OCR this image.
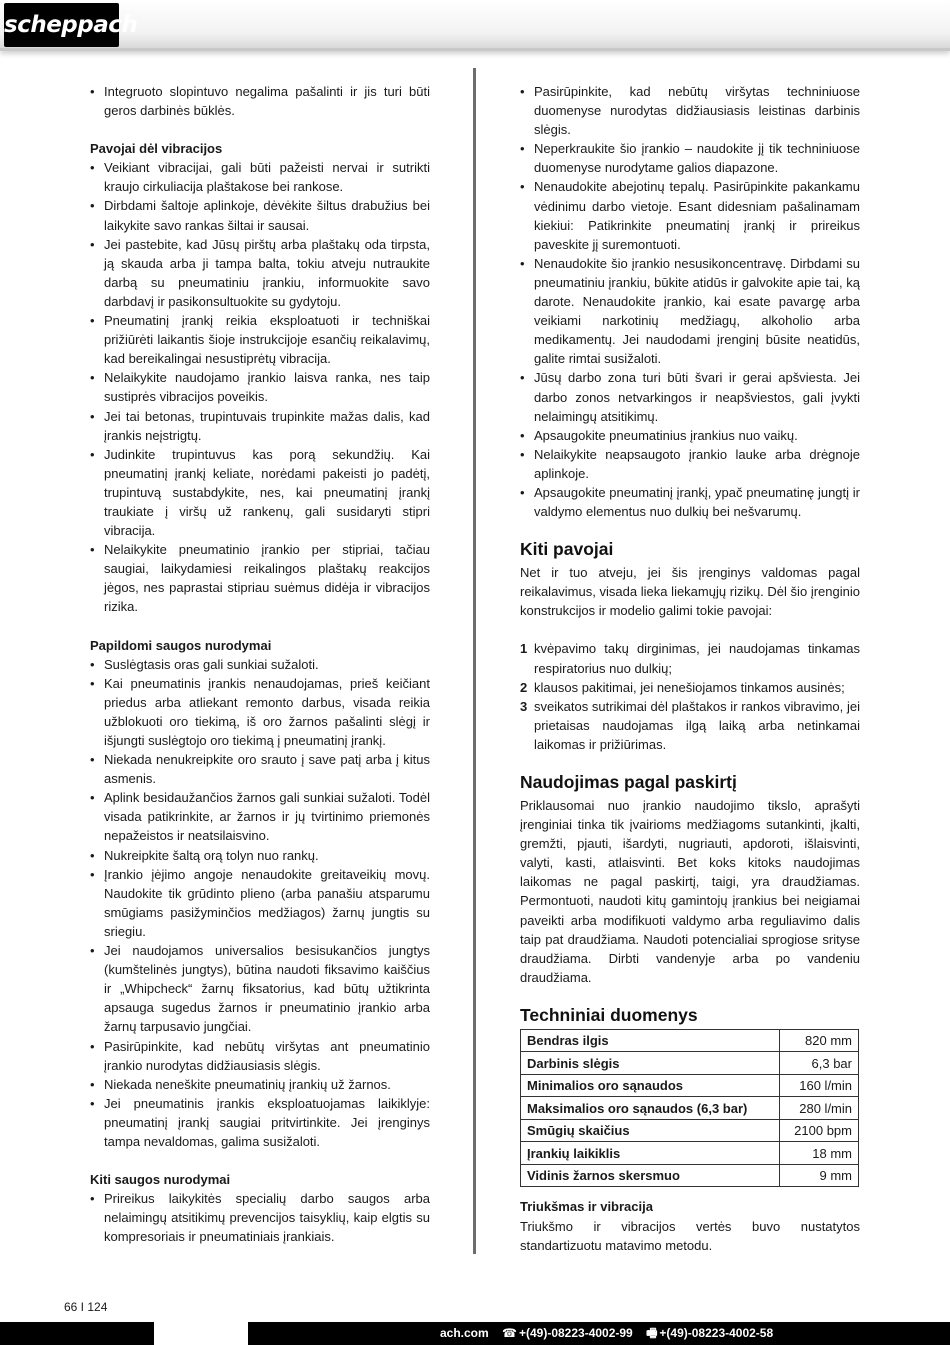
scheppach
• Integruoto slopintuvo negalima pašalinti ir jis turi būti geros darbinės būklės.

Pavojai dėl vibracijos

• Veikiant vibracijai, gali būti pažeisti nervai ir sutrikti kraujo cirkuliacija plaštakose bei rankose.
• Dirbdami šaltoje aplinkoje, dėvėkite šiltus drabužius bei laikykite savo rankas šiltai ir sausai.
• Jei pastebite, kad Jūsų pirštų arba plaštakų oda tirpsta, ją skauda arba ji tampa balta, tokiu atveju nutraukite darbą su pneumatiniu įrankiu, informuokite savo darbdavį ir pasikonsultuokite su gydytoju.
• Pneumatinį įrankį reikia eksploatuoti ir techniškai prižiūrėti laikantis šioje instrukcijoje esančių reikalavimų, kad bereikalingai nesustiprėtų vibracija.
• Nelaikykite naudojamo įrankio laisva ranka, nes taip sustiprės vibracijos poveikis.
• Jei tai betonas, trupintuvais trupinkite mažas dalis, kad įrankis neįstrigtų.
• Judinkite trupintuvus kas porą sekundžių. Kai pneumatinį įrankį keliate, norėdami pakeisti jo padėtį, trupintuvą sustabdykite, nes, kai pneumatinį įrankį traukiate į viršų už rankenų, gali susidaryti stipri vibracija.
• Nelaikykite pneumatinio įrankio per stipriai, tačiau saugiai, laikydamiesi reikalingos plaštakų reakcijos jėgos, nes paprastai stipriau suėmus didėja ir vibracijos rizika.

Papildomi saugos nurodymai

• Suslėgtasis oras gali sunkiai sužaloti.
• Kai pneumatinis įrankis nenaudojamas, prieš keičiant priedus arba atliekant remonto darbus, visada reikia užblokuoti oro tiekimą, iš oro žarnos pašalinti slėgį ir išjungti suslėgtojo oro tiekimą į pneumatinį įrankį.
• Niekada nenukreipkite oro srauto į save patį arba į kitus asmenis.
• Aplink besidaužančios žarnos gali sunkiai sužaloti. Todėl visada patikrinkite, ar žarnos ir jų tvirtinimo priemonės nepažeistos ir neatsilaisvino.
• Nukreipkite šaltą orą tolyn nuo rankų.
• Įrankio įėjimo angoje nenaudokite greitaveikių movų. Naudokite tik grūdinto plieno (arba panašiu atsparumu smūgiams pasižyminčios medžiagos) žarnų jungtis su sriegiu.
• Jei naudojamos universalios besisukančios jungtys (kumštelinės jungtys), būtina naudoti fiksavimo kaiščius ir „Whipcheck“ žarnų fiksatorius, kad būtų užtikrinta apsauga sugedus žarnos ir pneumatinio įrankio arba žarnų tarpusavio jungčiai.
• Pasirūpinkite, kad nebūtų viršytas ant pneumatinio įrankio nurodytas didžiausiasis slėgis.
• Niekada neneškite pneumatinių įrankių už žarnos.
• Jei pneumatinis įrankis eksploatuojamas laikiklyje: pneumatinį įrankį saugiai pritvirtinkite. Jei įrenginys tampa nevaldomas, galima susižaloti.

Kiti saugos nurodymai

• Prireikus laikykitės specialių darbo saugos arba nelaimingų atsitikimų prevencijos taisyklių, kaip elgtis su kompresoriais ir pneumatiniais įrankiais.
• Pasirūpinkite, kad nebūtų viršytas techniniuose duomenyse nurodytas didžiausiasis leistinas darbinis slėgis.
• Neperkraukite šio įrankio – naudokite jį tik techniniuose duomenyse nurodytame galios diapazone.
• Nenaudokite abejotinų tepalų. Pasirūpinkite pakankamu vėdinimu darbo vietoje. Esant didesniam pašalinamam kiekiui: Patikrinkite pneumatinį įrankį ir prireikus paveskite jį suremontuoti.
• Nenaudokite šio įrankio nesusikoncentravę. Dirbdami su pneumatiniu įrankiu, būkite atidūs ir galvokite apie tai, ką darote. Nenaudokite įrankio, kai esate pavargę arba veikiami narkotinių medžiagų, alkoholio arba medikamentų. Jei naudodami įrenginį būsite neatidūs, galite rimtai susižaloti.
• Jūsų darbo zona turi būti švari ir gerai apšviesta. Jei darbo zonos netvarkingos ir neapšviestos, gali įvykti nelaimingų atsitikimų.
• Apsaugokite pneumatinius įrankius nuo vaikų.
• Nelaikykite neapsaugoto įrankio lauke arba drėgnoje aplinkoje.
• Apsaugokite pneumatinį įrankį, ypač pneumatinę jungtį ir valdymo elementus nuo dulkių bei nešvarumų.
Kiti pavojai

Net ir tuo atveju, jei šis įrenginys valdomas pagal reikalavimus, visada lieka liekamųjų rizikų. Dėl šio įrenginio konstrukcijos ir modelio galimi tokie pavojai:

1 kvėpavimo takų dirginimas, jei naudojamas tinkamas respiratorius nuo dulkių;
2 klausos pakitimai, jei nenešiojamos tinkamos ausinės;
3 sveikatos sutrikimai dėl plaštakos ir rankos vibravimo, jei prietaisas naudojamas ilgą laiką arba netinkamai laikomas ir prižiūrimas.
Naudojimas pagal paskirtį

Priklausomai nuo įrankio naudojimo tikslo, aprašyti įrenginiai tinka tik įvairioms medžiagoms sutankinti, įkalti, gremžti, pjauti, išardyti, nugriauti, apdoroti, išlaisvinti, valyti, kasti, atlaisvinti. Bet koks kitoks naudojimas laikomas ne pagal paskirtį, taigi, yra draudžiamas. Permontuoti, naudoti kitų gamintojų įrankius bei neigiamai paveikti arba modifikuoti valdymo arba reguliavimo dalis taip pat draudžiama. Naudoti potencialiai sprogiose srityse draudžiama. Dirbti vandenyje arba po vandeniu draudžiama.

Techniniai duomenys
Bendras ilgis	820 mm
Darbinis slėgis	6,3 bar
Minimalios oro sąnaudos	160 l/min
Maksimalios oro sąnaudos (6,3 bar)	280 l/min
Smūgių skaičius	2100 bpm
Įrankių laikiklis	18 mm
Vidinis žarnos skersmuo	9 mm

Triukšmas ir vibracija

Triukšmo ir vibracijos vertės buvo nustatytos standartizuotu matavimo metodu.

66 I 124
ach.com ☎ +(49)-08223-4002-99 🖷 +(49)-08223-4002-58
